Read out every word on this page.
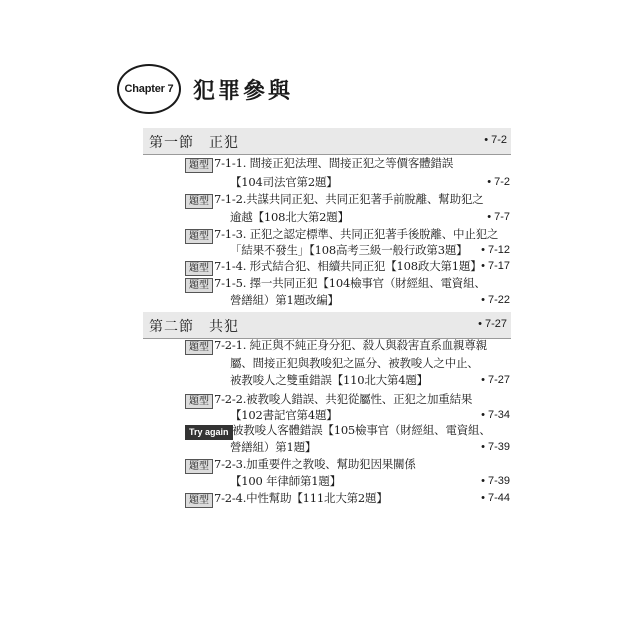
Chapter 7 犯罪參與
第一節　正犯	• 7-2
題型 7-1-1. 間接正犯法理、間接正犯之等價客體錯誤
【104司法官第2題】	• 7-2
題型 7-1-2.共謀共同正犯、共同正犯著手前脫離、幫助犯之
逾越【108北大第2題】	• 7-7
題型 7-1-3. 正犯之認定標準、共同正犯著手後脫離、中止犯之
「結果不發生」【108高考三級一般行政第3題】	• 7-12
題型 7-1-4. 形式結合犯、相續共同正犯【108政大第1題】 • 7-17
題型 7-1-5. 擇一共同正犯【104檢事官（財經組、電資組、
營繕組）第1題改編】	• 7-22
第二節　共犯	• 7-27
題型 7-2-1. 純正與不純正身分犯、殺人與殺害直系血親尊親
屬、間接正犯與教唆犯之區分、被教唆人之中止、
被教唆人之雙重錯誤【110北大第4題】	• 7-27
題型 7-2-2.被教唆人錯誤、共犯從屬性、正犯之加重結果
【102書記官第4題】	• 7-34
Try again 被教唆人客體錯誤【105檢事官（財經組、電資組、
營繕組）第1題】	• 7-39
題型 7-2-3.加重要件之教唆、幫助犯因果關係
【100 年律師第1題】	• 7-39
題型 7-2-4.中性幫助【111北大第2題】	• 7-44
